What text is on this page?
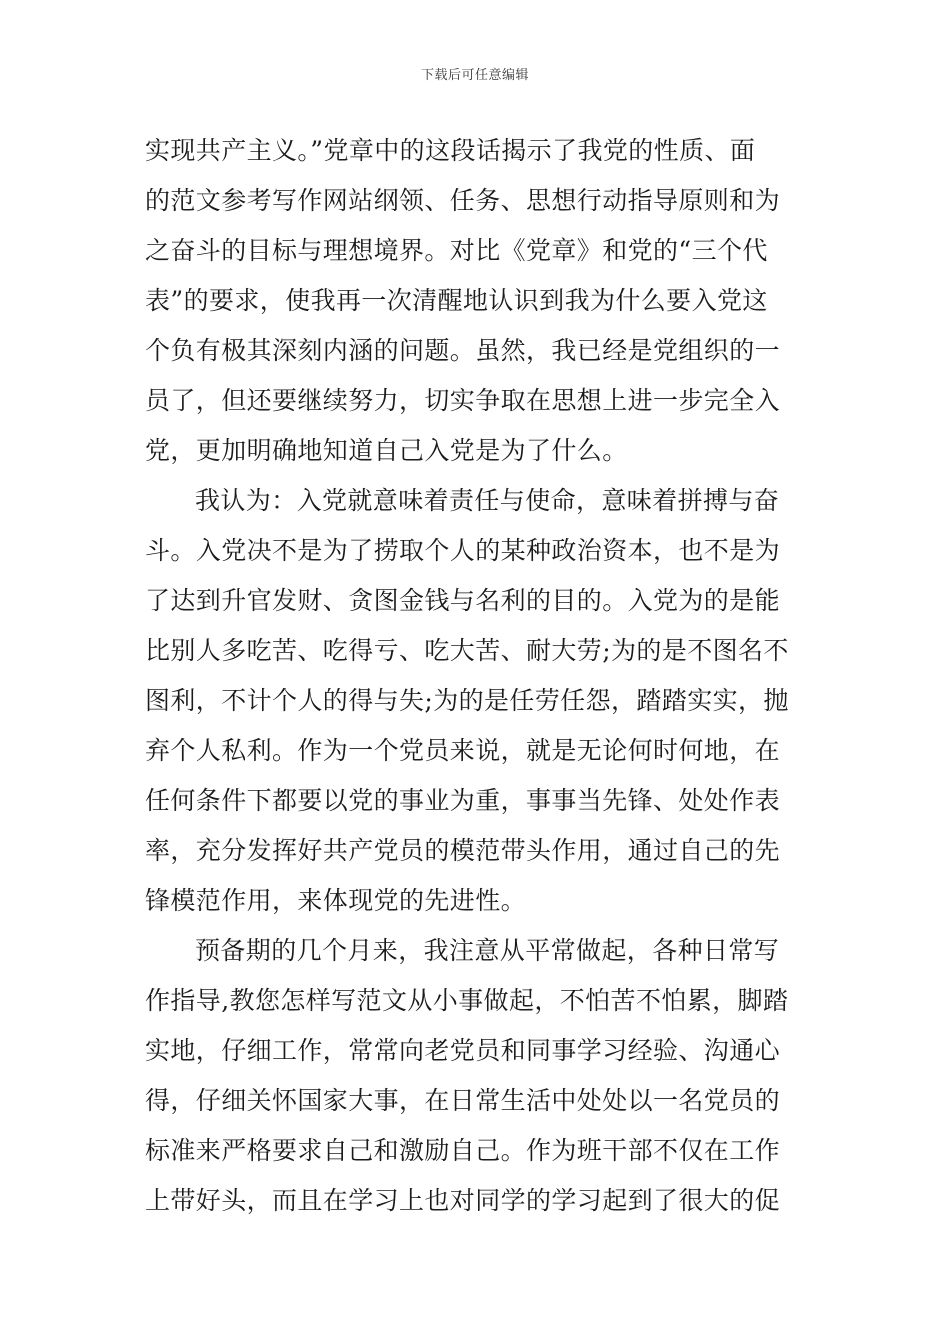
下载后可任意编辑
实现共产主义。”党章中的这段话揭示了我党的性质、面
的范文参考写作网站纲领、任务、思想行动指导原则和为
之奋斗的目标与理想境界。对比《党章》和党的“三个代
表”的要求，使我再一次清醒地认识到我为什么要入党这
个负有极其深刻内涵的问题。虽然，我已经是党组织的一
员了，但还要继续努力，切实争取在思想上进一步完全入
党，更加明确地知道自己入党是为了什么。
我认为：入党就意味着责任与使命，意味着拼搏与奋
斗。入党决不是为了捞取个人的某种政治资本，也不是为
了达到升官发财、贪图金钱与名利的目的。入党为的是能
比别人多吃苦、吃得亏、吃大苦、耐大劳;为的是不图名不
图利，不计个人的得与失;为的是任劳任怨，踏踏实实，抛
弃个人私利。作为一个党员来说，就是无论何时何地，在
任何条件下都要以党的事业为重，事事当先锋、处处作表
率，充分发挥好共产党员的模范带头作用，通过自己的先
锋模范作用，来体现党的先进性。
预备期的几个月来，我注意从平常做起，各种日常写
作指导,教您怎样写范文从小事做起，不怕苦不怕累，脚踏
实地，仔细工作，常常向老党员和同事学习经验、沟通心
得，仔细关怀国家大事，在日常生活中处处以一名党员的
标准来严格要求自己和激励自己。作为班干部不仅在工作
上带好头，而且在学习上也对同学的学习起到了很大的促
